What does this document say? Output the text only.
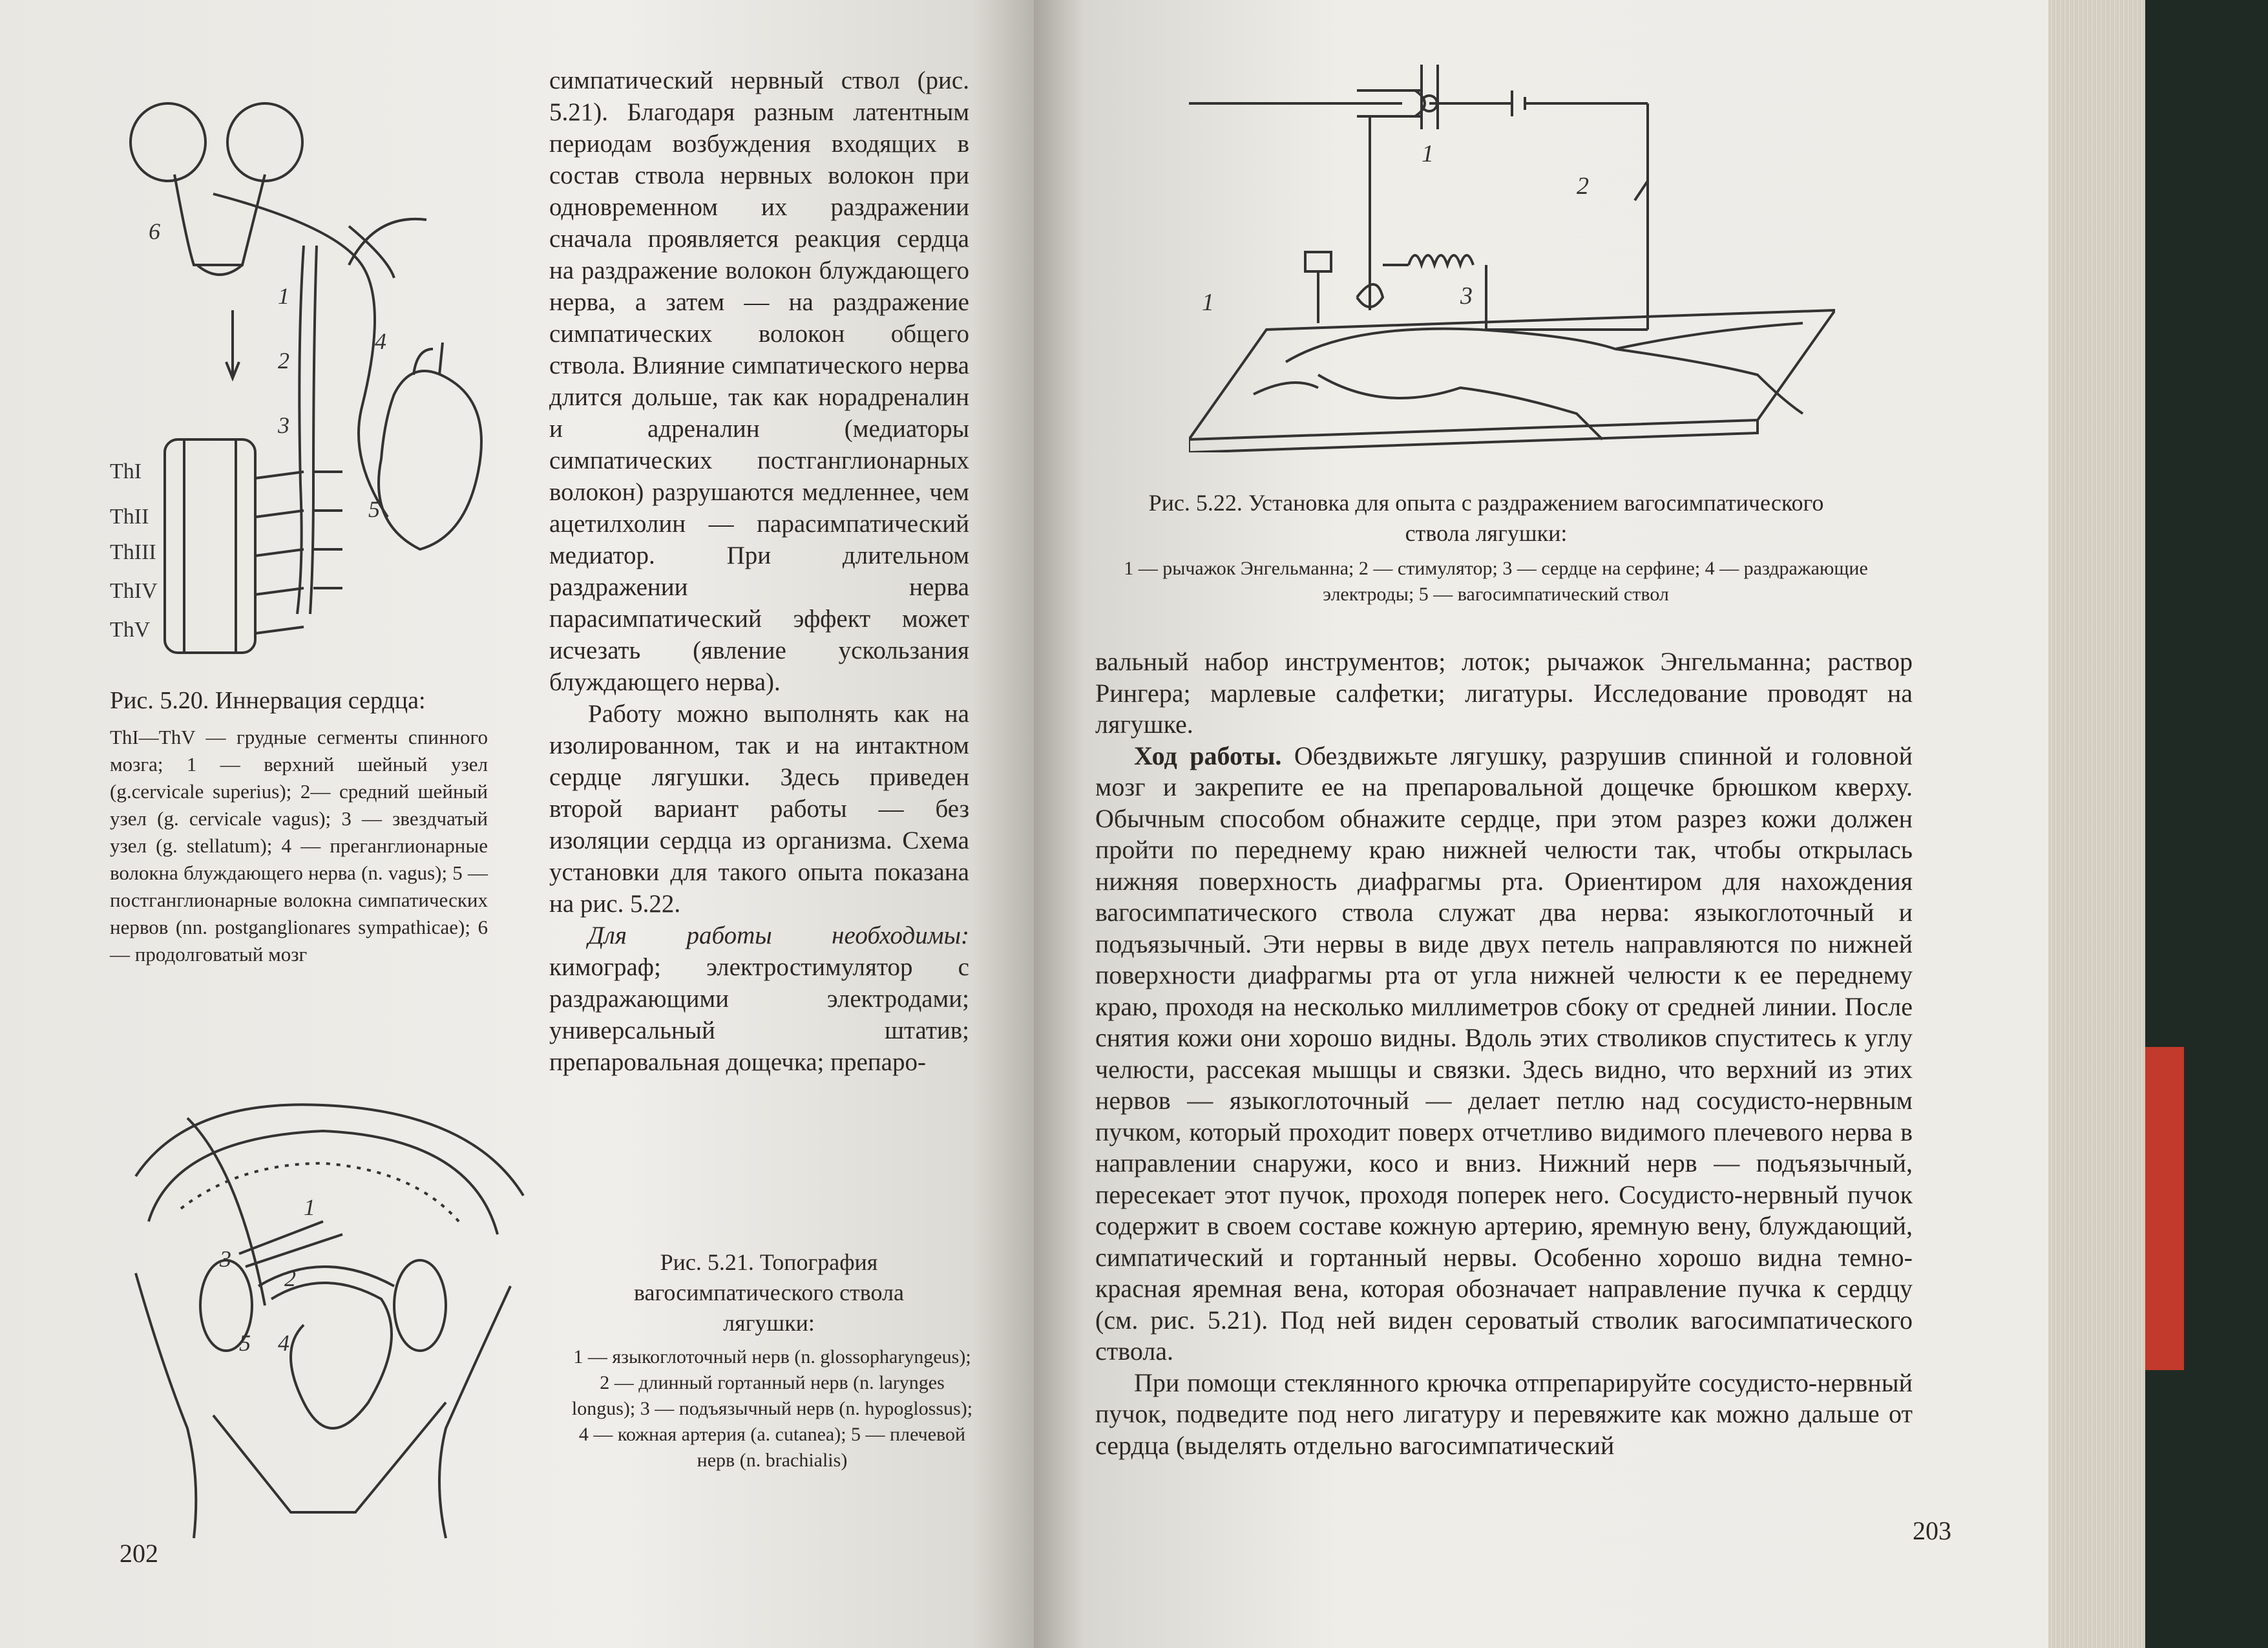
6
1
2
3
4
5
ThI
ThII
ThIII
ThIV
ThV
Рис. 5.20. Иннервация сердца:
ThI—ThV — грудные сегменты спинного мозга; 1 — верхний шейный узел (g.cervicale superius); 2— средний шейный узел (g. cervicale vagus); 3 — звездчатый узел (g. stellatum); 4 — преганглионарные волокна блуждающего нерва (n. vagus); 5 — постганглионарные волокна симпатических нервов (nn. postganglionares sympathicae); 6 — продолговатый мозг

симпатический нервный ствол (рис. 5.21). Благодаря разным латентным периодам возбуждения входящих в состав ствола нервных волокон при одновременном их раздражении сначала проявляется реакция сердца на раздражение волокон блуждающего нерва, а затем — на раздражение симпатических волокон общего ствола. Влияние симпатического нерва длится дольше, так как норадреналин и адреналин (медиаторы симпатических постганглионарных волокон) разрушаются медленнее, чем ацетилхолин — парасимпатический медиатор. При длительном раздражении нерва парасимпатический эффект может исчезать (явление ускользания блуждающего нерва).

Работу можно выполнять как на изолированном, так и на интактном сердце лягушки. Здесь приведен второй вариант работы — без изоляции сердца из организма. Схема установки для такого опыта показана на рис. 5.22.

Для работы необходимы: кимограф; электростимулятор с раздражающими электродами; универсальный штатив; препаровальная дощечка; препаро-

1
2
3
4
5
Рис. 5.21. Топография вагосимпатического ствола лягушки:
1 — языкоглоточный нерв (n. glossopharyngeus); 2 — длинный гортанный нерв (n. larynges longus); 3 — подъязычный нерв (n. hypoglossus); 4 — кожная артерия (a. cutanea); 5 — плечевой нерв (n. brachialis)
202
1
2
3
1
Рис. 5.22. Установка для опыта с раздражением вагосимпатического ствола лягушки:
1 — рычажок Энгельманна; 2 — стимулятор; 3 — сердце на серфине; 4 — раздражающие электроды; 5 — вагосимпатический ствол

вальный набор инструментов; лоток; рычажок Энгельманна; раствор Рингера; марлевые салфетки; лигатуры. Исследование проводят на лягушке.

Ход работы. Обездвижьте лягушку, разрушив спинной и головной мозг и закрепите ее на препаровальной дощечке брюшком кверху. Обычным способом обнажите сердце, при этом разрез кожи должен пройти по переднему краю нижней челюсти так, чтобы открылась нижняя поверхность диафрагмы рта. Ориентиром для нахождения вагосимпатического ствола служат два нерва: языкоглоточный и подъязычный. Эти нервы в виде двух петель направляются по нижней поверхности диафрагмы рта от угла нижней челюсти к ее переднему краю, проходя на несколько миллиметров сбоку от средней линии. После снятия кожи они хорошо видны. Вдоль этих стволиков спуститесь к углу челюсти, рассекая мышцы и связки. Здесь видно, что верхний из этих нервов — языкоглоточный — делает петлю над сосудисто-нервным пучком, который проходит поверх отчетливо видимого плечевого нерва в направлении снаружи, косо и вниз. Нижний нерв — подъязычный, пересекает этот пучок, проходя поперек него. Сосудисто-нервный пучок содержит в своем составе кожную артерию, яремную вену, блуждающий, симпатический и гортанный нервы. Особенно хорошо видна темно-красная яремная вена, которая обозначает направление пучка к сердцу (см. рис. 5.21). Под ней виден сероватый стволик вагосимпатического ствола.

При помощи стеклянного крючка отпрепарируйте сосудисто-нервный пучок, подведите под него лигатуру и перевяжите как можно дальше от сердца (выделять отдельно вагосимпатический

203
